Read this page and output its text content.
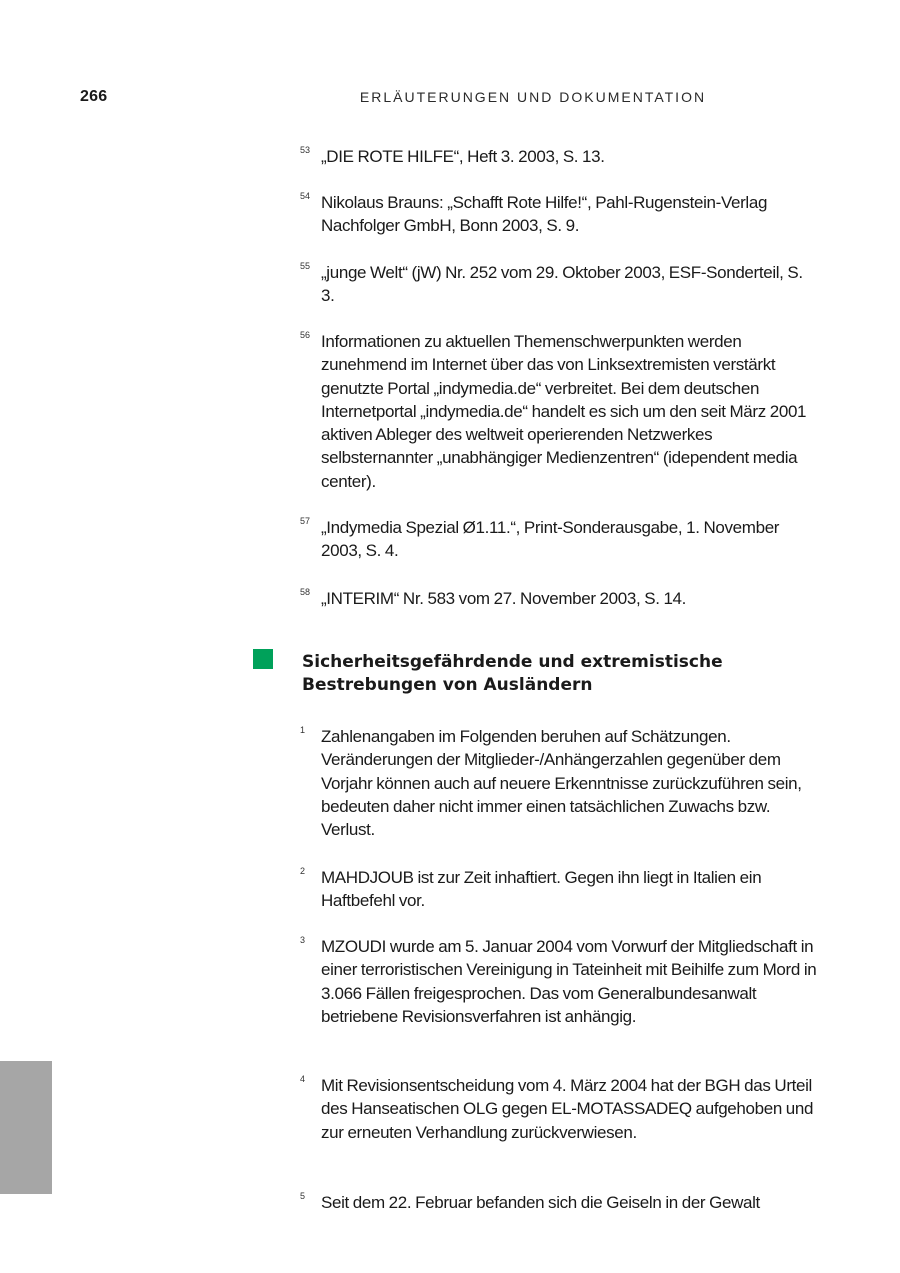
266	ERLÄUTERUNGEN UND DOKUMENTATION
53 „DIE ROTE HILFE“, Heft 3. 2003, S. 13.
54 Nikolaus Brauns: „Schafft Rote Hilfe!“, Pahl-Rugenstein-Verlag Nachfolger GmbH, Bonn 2003, S. 9.
55 „junge Welt“ (jW) Nr. 252 vom 29. Oktober 2003, ESF-Sonderteil, S. 3.
56 Informationen zu aktuellen Themenschwerpunkten werden zunehmend im Internet über das von Linksextremisten verstärkt genutzte Portal „indymedia.de“ verbreitet. Bei dem deutschen Internetportal „indymedia.de“ handelt es sich um den seit März 2001 aktiven Ableger des weltweit operierenden Netzwerkes selbsternannter „unabhängiger Medienzentren“ (idependent media center).
57 „Indymedia Spezial Ø1.11.“, Print-Sonderausgabe, 1. November 2003, S. 4.
58 „INTERIM“ Nr. 583 vom 27. November 2003, S. 14.
Sicherheitsgefährdende und extremistische
Bestrebungen von Ausländern
1 Zahlenangaben im Folgenden beruhen auf Schätzungen. Veränderungen der Mitglieder-/Anhängerzahlen gegenüber dem Vorjahr können auch auf neuere Erkenntnisse zurückzuführen sein, bedeuten daher nicht immer einen tatsächlichen Zuwachs bzw. Verlust.
2 MAHDJOUB ist zur Zeit inhaftiert. Gegen ihn liegt in Italien ein Haftbefehl vor.
3 MZOUDI wurde am 5. Januar 2004 vom Vorwurf der Mitgliedschaft in einer terroristischen Vereinigung in Tateinheit mit Beihilfe zum Mord in 3.066 Fällen freigesprochen. Das vom Generalbundesanwalt betriebene Revisionsverfahren ist anhängig.
4 Mit Revisionsentscheidung vom 4. März 2004 hat der BGH das Urteil des Hanseatischen OLG gegen EL-MOTASSADEQ aufgehoben und zur erneuten Verhandlung zurückverwiesen.
5 Seit dem 22. Februar befanden sich die Geiseln in der Gewalt
